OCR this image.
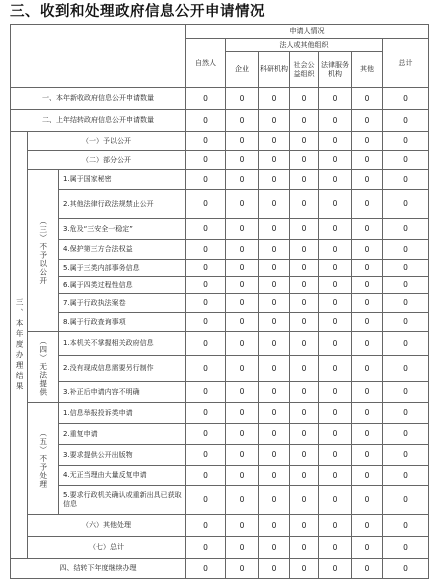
三、收到和处理政府信息公开申请情况
			申请人情况						
			自然人	法人或其他组织					总计
				企业	科研机构	社会公益组织	法律服务机构	其他	

一、本年新收政府信息公开申请数量			0	0	0	0	0	0	0
二、上年结转政府信息公开申请数量			0	0	0	0	0	0	0

三、本年度办理结果	（一）予以公开		0	0	0	0	0	0	0
	（二）部分公开		0	0	0	0	0	0	0

	（三）不予以公开	1.属于国家秘密	0	0	0	0	0	0	0
		2.其他法律行政法规禁止公开	0	0	0	0	0	0	0
		3.危及“三安全一稳定”	0	0	0	0	0	0	0
		4.保护第三方合法权益	0	0	0	0	0	0	0
		5.属于三类内部事务信息	0	0	0	0	0	0	0
		6.属于四类过程性信息	0	0	0	0	0	0	0
		7.属于行政执法案卷	0	0	0	0	0	0	0
		8.属于行政查询事项	0	0	0	0	0	0	0

	（四）无法提供	1.本机关不掌握相关政府信息	0	0	0	0	0	0	0
		2.没有现成信息需要另行制作	0	0	0	0	0	0	0
		3.补正后申请内容不明确	0	0	0	0	0	0	0

	（五）不予处理	1.信息举报投诉类申请	0	0	0	0	0	0	0
		2.重复申请	0	0	0	0	0	0	0
		3.要求提供公开出版物	0	0	0	0	0	0	0
		4.无正当理由大量反复申请	0	0	0	0	0	0	0
		5.要求行政机关确认或重新出具已获取信息	0	0	0	0	0	0	0
	（六）其他处理		0	0	0	0	0	0	0
	（七）总计		0	0	0	0	0	0	0
四、结转下年度继续办理			0	0	0	0	0	0	0
